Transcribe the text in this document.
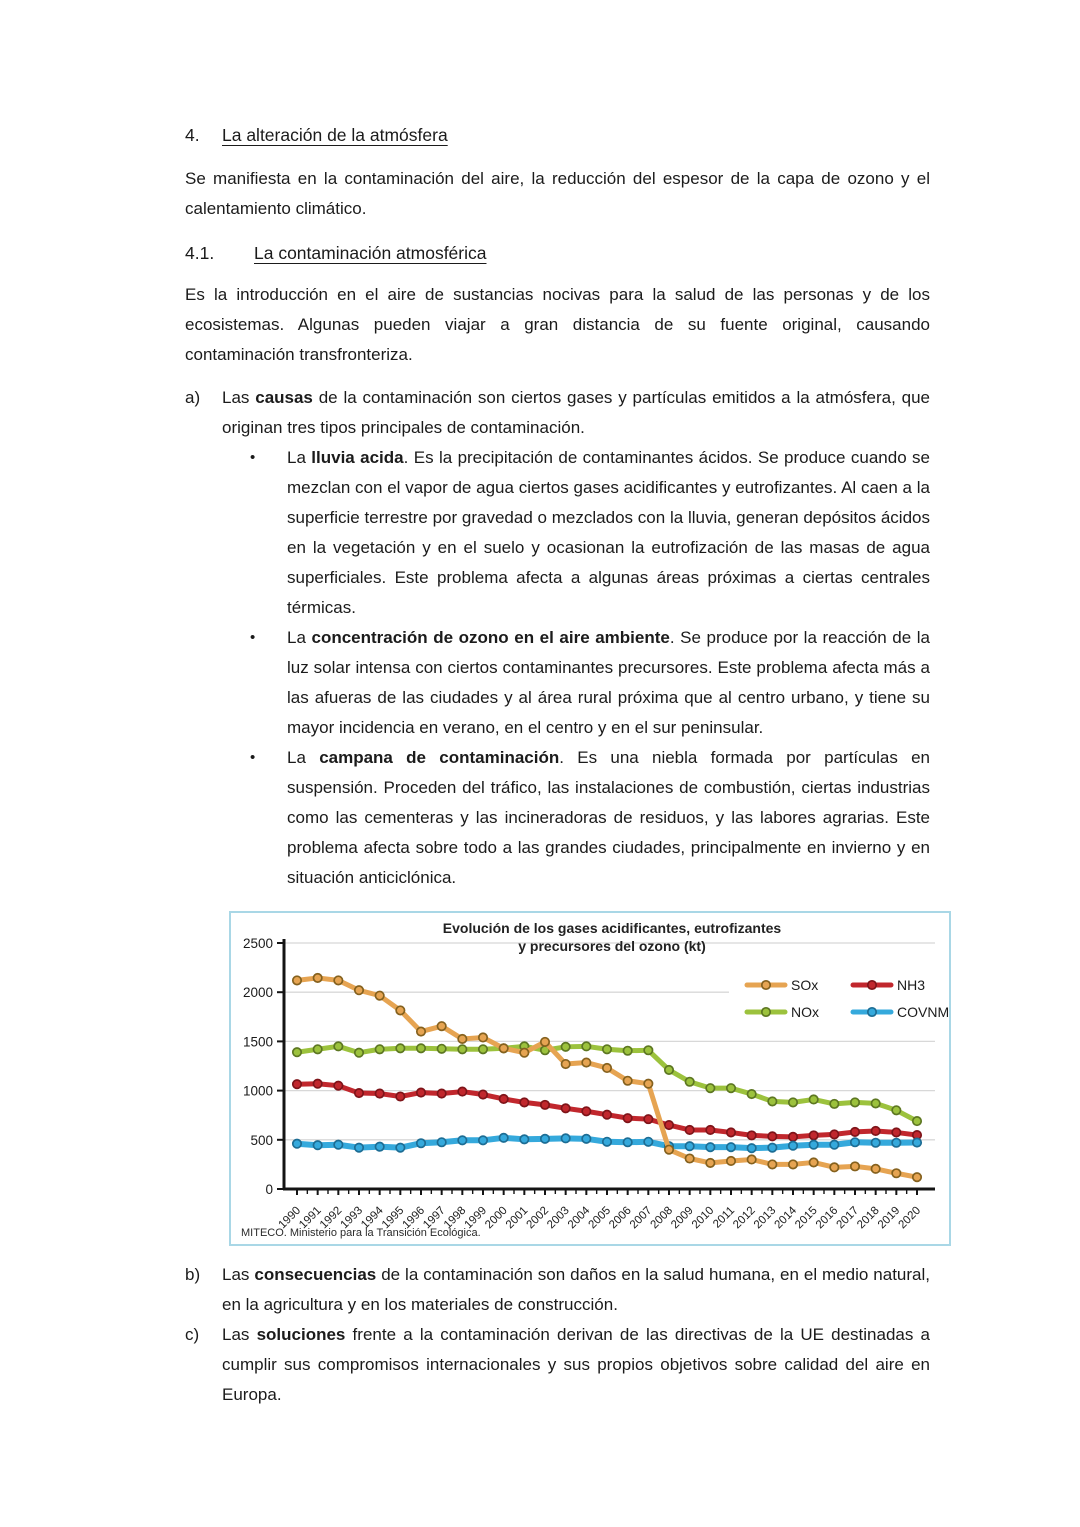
4.	La alteración de la atmósfera

Se manifiesta en la contaminación del aire, la reducción del espesor de la capa de ozono y el calentamiento climático.

4.1.	La contaminación atmosférica

Es la introducción en el aire de sustancias nocivas para la salud de las personas y de los ecosistemas. Algunas pueden viajar a gran distancia de su fuente original, causando contaminación transfronteriza.

a)	Las causas de la contaminación son ciertos gases y partículas emitidos a la atmósfera, que originan tres tipos principales de contaminación.
•	La lluvia acida. Es la precipitación de contaminantes ácidos. Se produce cuando se mezclan con el vapor de agua ciertos gases acidificantes y eutrofizantes. Al caen a la superficie terrestre por gravedad o mezclados con la lluvia, generan depósitos ácidos en la vegetación y en el suelo y ocasionan la eutrofización de las masas de agua superficiales. Este problema afecta a algunas áreas próximas a ciertas centrales térmicas.
•	La concentración de ozono en el aire ambiente. Se produce por la reacción de la luz solar intensa con ciertos contaminantes precursores. Este problema afecta más a las afueras de las ciudades y al área rural próxima que al centro urbano, y tiene su mayor incidencia en verano, en el centro y en el sur peninsular.
•	La campana de contaminación. Es una niebla formada por partículas en suspensión. Proceden del tráfico, las instalaciones de combustión, ciertas industrias como las cementeras y las incineradoras de residuos, y las labores agrarias. Este problema afecta sobre todo a las grandes ciudades, principalmente en invierno y en situación anticiclónica.
0
500
1000
1500
2000
2500
1990
1991
1992
1993
1994
1995
1996
1997
1998
1999
2000
2001
2002
2003
2004
2005
2006
2007
2008
2009
2010
2011
2012
2013
2014
2015
2016
2017
2018
2019
2020
SOx	NH3
NOx	COVNM
Evolución de los gases acidificantes, eutrofizantes
y precursores del ozono (kt)
MITECO. Ministerio para la Transición Ecológica.
b)	Las consecuencias de la contaminación son daños en la salud humana, en el medio natural, en la agricultura y en los materiales de construcción.
c)	Las soluciones frente a la contaminación derivan de las directivas de la UE destinadas a cumplir sus compromisos internacionales y sus propios objetivos sobre calidad del aire en Europa.
